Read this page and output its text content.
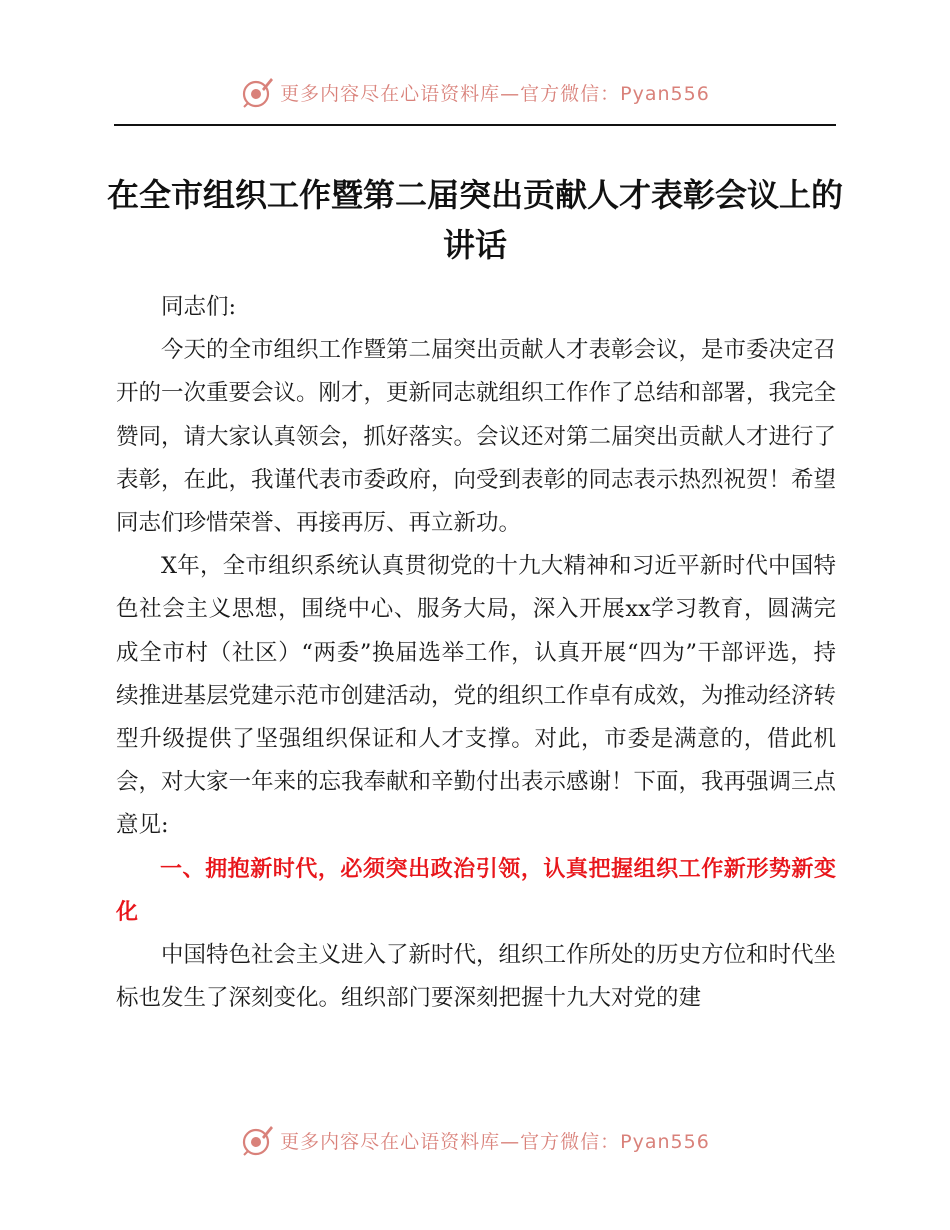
更多内容尽在心语资料库—官方微信：Pyan556
在全市组织工作暨第二届突出贡献人才表彰会议上的讲话

同志们:

今天的全市组织工作暨第二届突出贡献人才表彰会议，是市委决定召开的一次重要会议。刚才，更新同志就组织工作作了总结和部署，我完全赞同，请大家认真领会，抓好落实。会议还对第二届突出贡献人才进行了表彰，在此，我谨代表市委政府，向受到表彰的同志表示热烈祝贺！希望同志们珍惜荣誉、再接再厉、再立新功。

X年，全市组织系统认真贯彻党的十九大精神和习近平新时代中国特色社会主义思想，围绕中心、服务大局，深入开展xx学习教育，圆满完成全市村（社区）“两委”换届选举工作，认真开展“四为”干部评选，持续推进基层党建示范市创建活动，党的组织工作卓有成效，为推动经济转型升级提供了坚强组织保证和人才支撑。对此，市委是满意的，借此机会，对大家一年来的忘我奉献和辛勤付出表示感谢！下面，我再强调三点意见:

一、拥抱新时代，必须突出政治引领，认真把握组织工作新形势新变化

中国特色社会主义进入了新时代，组织工作所处的历史方位和时代坐标也发生了深刻变化。组织部门要深刻把握十九大对党的建

更多内容尽在心语资料库—官方微信：Pyan556
